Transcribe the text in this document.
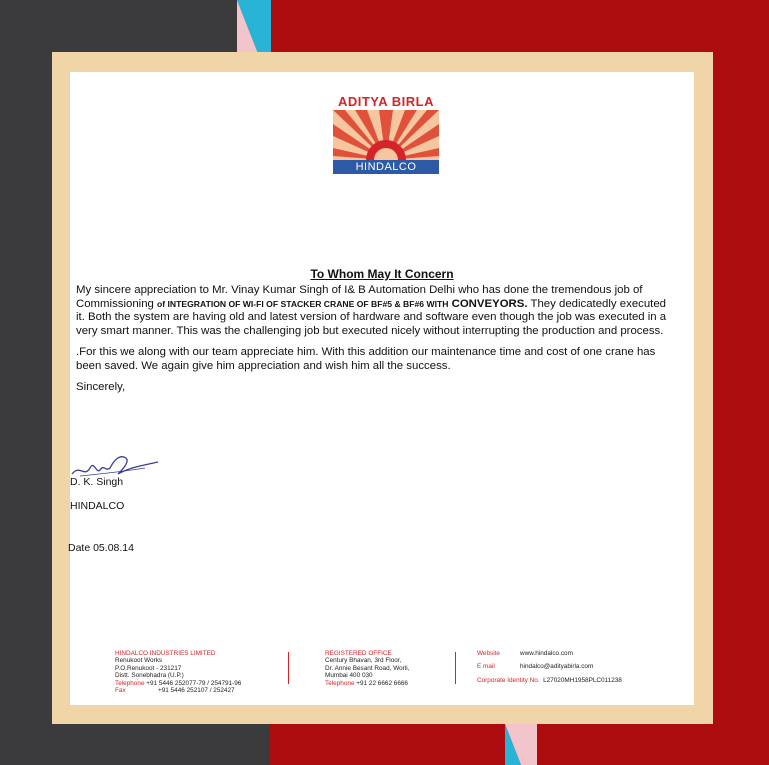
ADITYA BIRLA
HINDALCO
To Whom May It Concern

My sincere appreciation to Mr. Vinay Kumar Singh of I& B Automation Delhi who has done the tremendous job of Commissioning of INTEGRATION OF WI-FI OF STACKER CRANE OF BF#5 & BF#6 WITH CONVEYORS. They dedicatedly executed it. Both the system are having old and latest version of hardware and software even though the job was executed in a very smart manner. This was the challenging job but executed nicely without interrupting the production and process.

.For this we along with our team appreciate him. With this addition our maintenance time and cost of one crane has been saved. We again give him appreciation and wish him all the success.

Sincerely,

D. K. Singh
HINDALCO
Date 05.08.14
HINDALCO INDUSTRIES LIMITED
Renukoot Works
P.O.Renukoot - 231217
Distt. Sonebhadra (U.P.)
Telephone +91 5446 252077-79 / 254791-96
Fax	+91 5446 252107 / 252427
REGISTERED OFFICE
Century Bhavan, 3rd Floor,
Dr. Annie Besant Road, Worli,
Mumbai 400 030
Telephone +91 22 6662 6666
Website	www.hindalco.com
E mail	hindalco@adityabirla.com
Corporate Identity No. L27020MH1958PLC011238
